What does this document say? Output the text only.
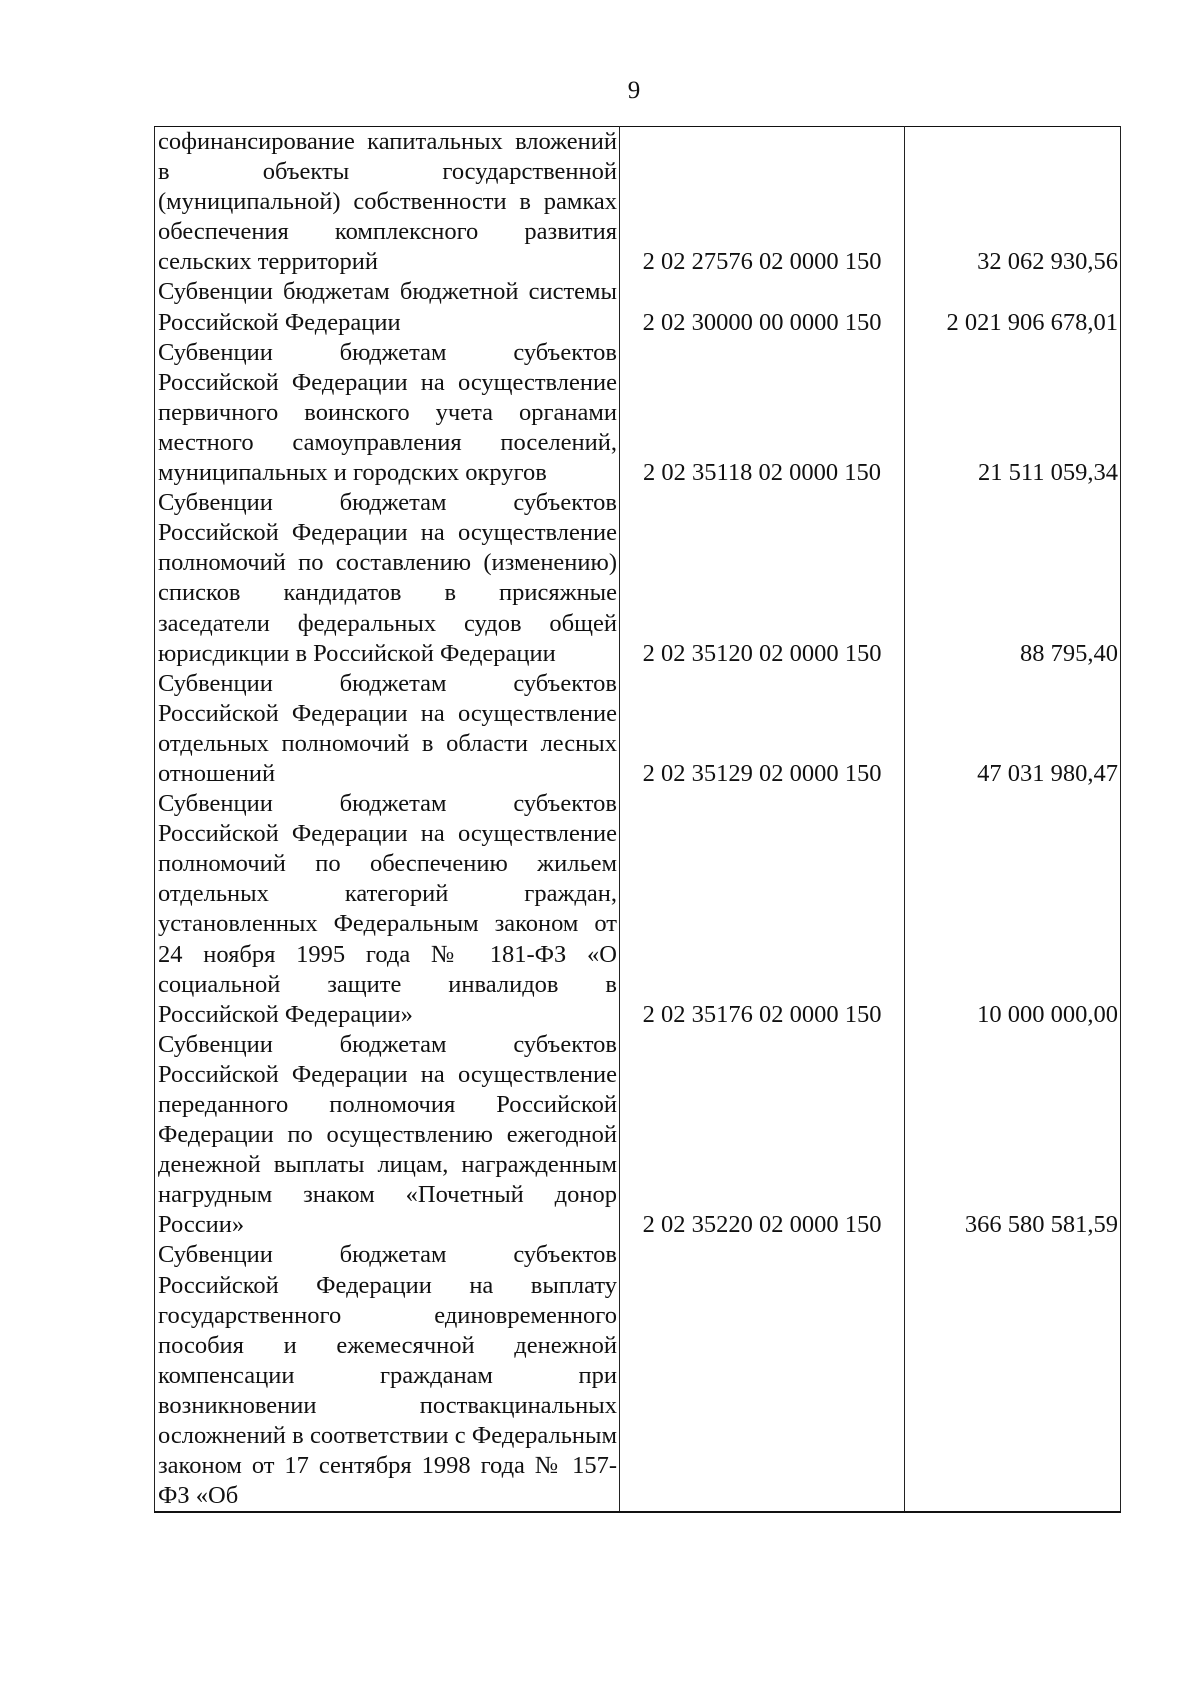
9
софинансирование капитальных вложений в объекты государственной (муниципальной) собственности в рамках обеспечения комплексного развития сельских территорий	2 02 27576 02 0000 150	32 062 930,56
Субвенции бюджетам бюджетной системы Российской Федерации	2 02 30000 00 0000 150	2 021 906 678,01
Субвенции бюджетам субъектов Российской Федерации на осуществление первичного воинского учета органами местного самоуправления поселений, муниципальных и городских округов	2 02 35118 02 0000 150	21 511 059,34
Субвенции бюджетам субъектов Российской Федерации на осуществление полномочий по составлению (изменению) списков кандидатов в присяжные заседатели федеральных судов общей юрисдикции в Российской Федерации	2 02 35120 02 0000 150	88 795,40
Субвенции бюджетам субъектов Российской Федерации на осуществление отдельных полномочий в области лесных отношений	2 02 35129 02 0000 150	47 031 980,47
Субвенции бюджетам субъектов Российской Федерации на осуществление полномочий по обеспечению жильем отдельных категорий граждан, установленных Федеральным законом от 24 ноября 1995 года № 181-ФЗ «О социальной защите инвалидов в Российской Федерации»	2 02 35176 02 0000 150	10 000 000,00
Субвенции бюджетам субъектов Российской Федерации на осуществление переданного полномочия Российской Федерации по осуществлению ежегодной денежной выплаты лицам, награжденным нагрудным знаком «Почетный донор России»	2 02 35220 02 0000 150	366 580 581,59
Субвенции бюджетам субъектов Российской Федерации на выплату государственного единовременного пособия и ежемесячной денежной компенсации гражданам при возникновении поствакцинальных осложнений в соответствии с Федеральным законом от 17 сентября 1998 года № 157-ФЗ «Об		
